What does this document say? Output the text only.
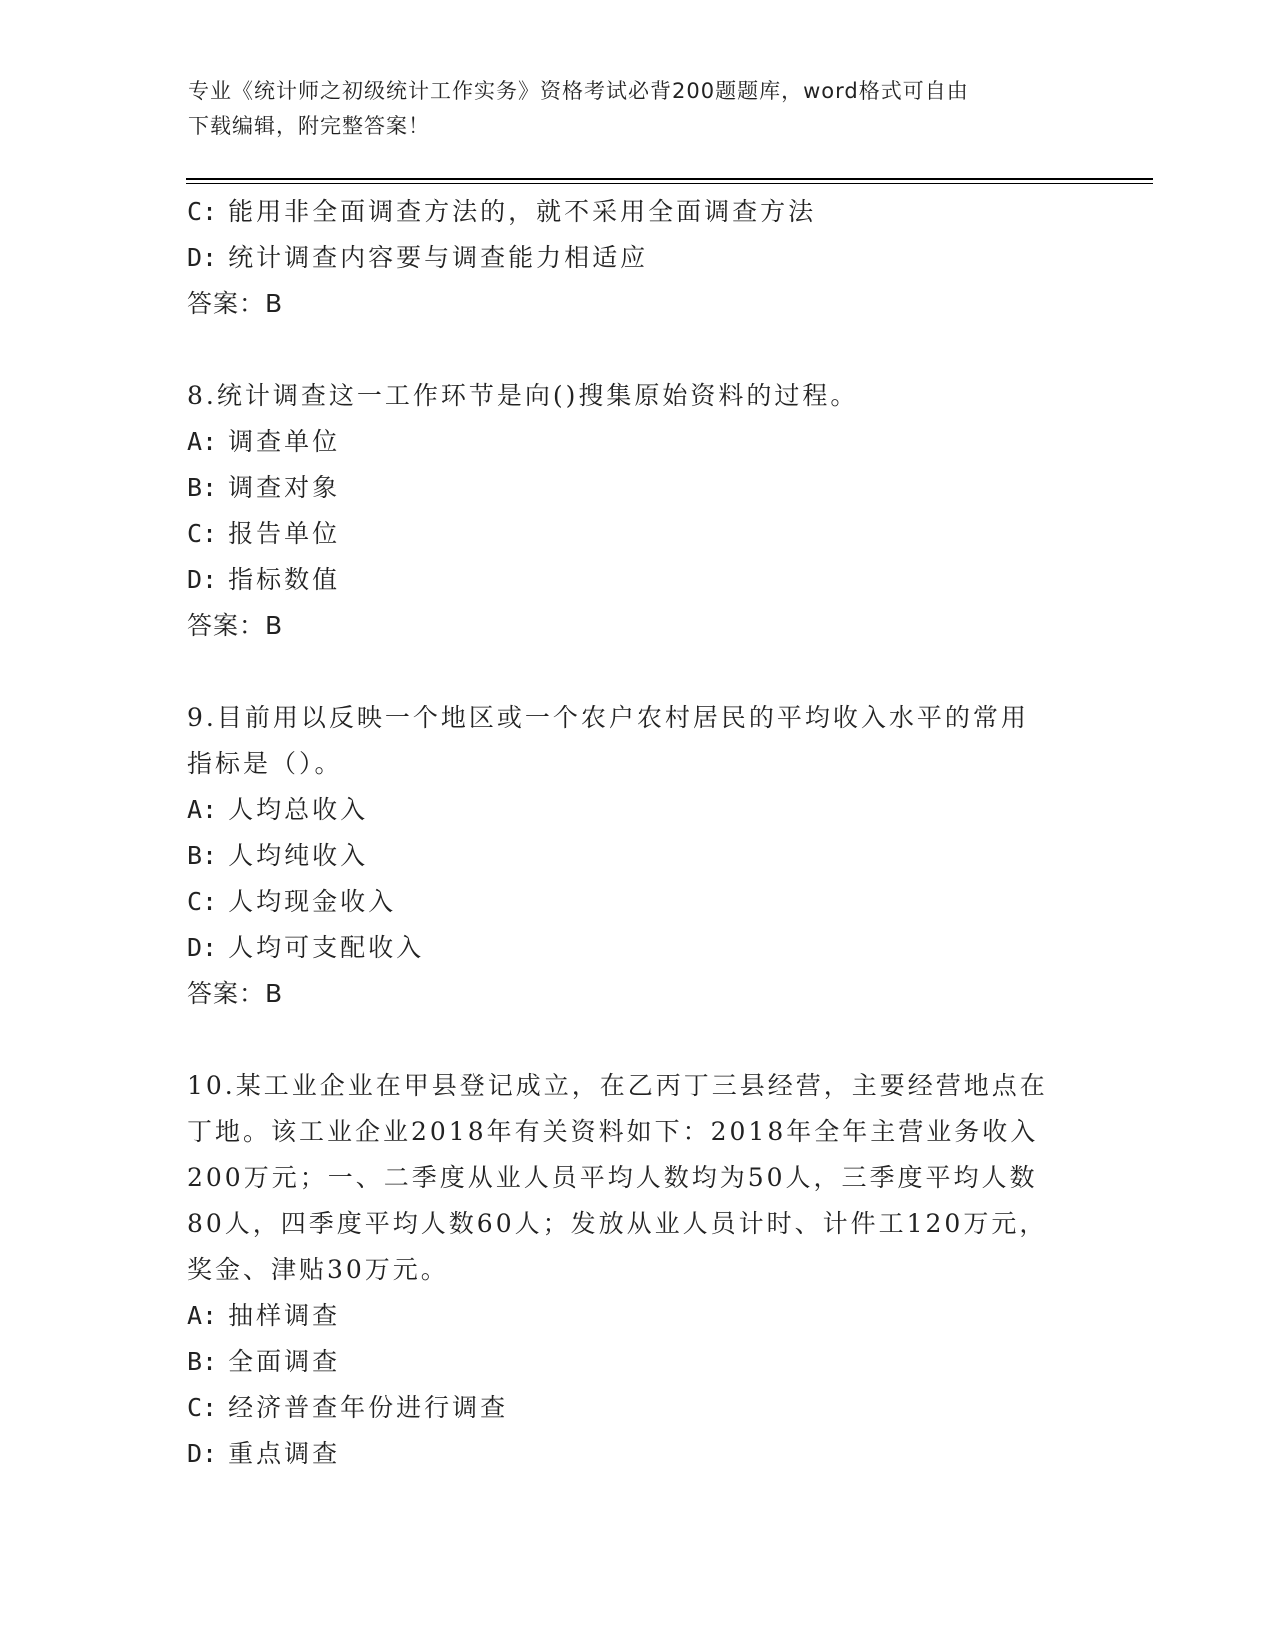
专业《统计师之初级统计工作实务》资格考试必背200题题库，word格式可自由
下载编辑，附完整答案！
C: 能用非全面调查方法的，就不采用全面调查方法
D: 统计调查内容要与调查能力相适应
答案：B
8.统计调查这一工作环节是向()搜集原始资料的过程。
A: 调查单位
B: 调查对象
C: 报告单位
D: 指标数值
答案：B
9.目前用以反映一个地区或一个农户农村居民的平均收入水平的常用
指标是（）。
A: 人均总收入
B: 人均纯收入
C: 人均现金收入
D: 人均可支配收入
答案：B
10.某工业企业在甲县登记成立，在乙丙丁三县经营，主要经营地点在
丁地。该工业企业2018年有关资料如下：2018年全年主营业务收入
200万元；一、二季度从业人员平均人数均为50人，三季度平均人数
80人，四季度平均人数60人；发放从业人员计时、计件工120万元，
奖金、津贴30万元。
A: 抽样调查
B: 全面调查
C: 经济普查年份进行调查
D: 重点调查
